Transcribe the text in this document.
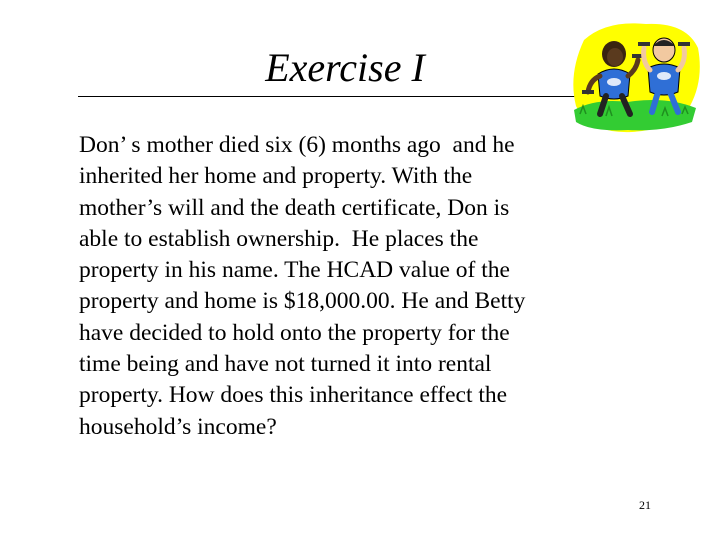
Exercise I
Don’ s mother died six (6) months ago  and he
inherited her home and property. With the
mother’s will and the death certificate, Don is
able to establish ownership.  He places the
property in his name. The HCAD value of the
property and home is $18,000.00. He and Betty
have decided to hold onto the property for the
time being and have not turned it into rental
property. How does this inheritance effect the
household’s income?
21
